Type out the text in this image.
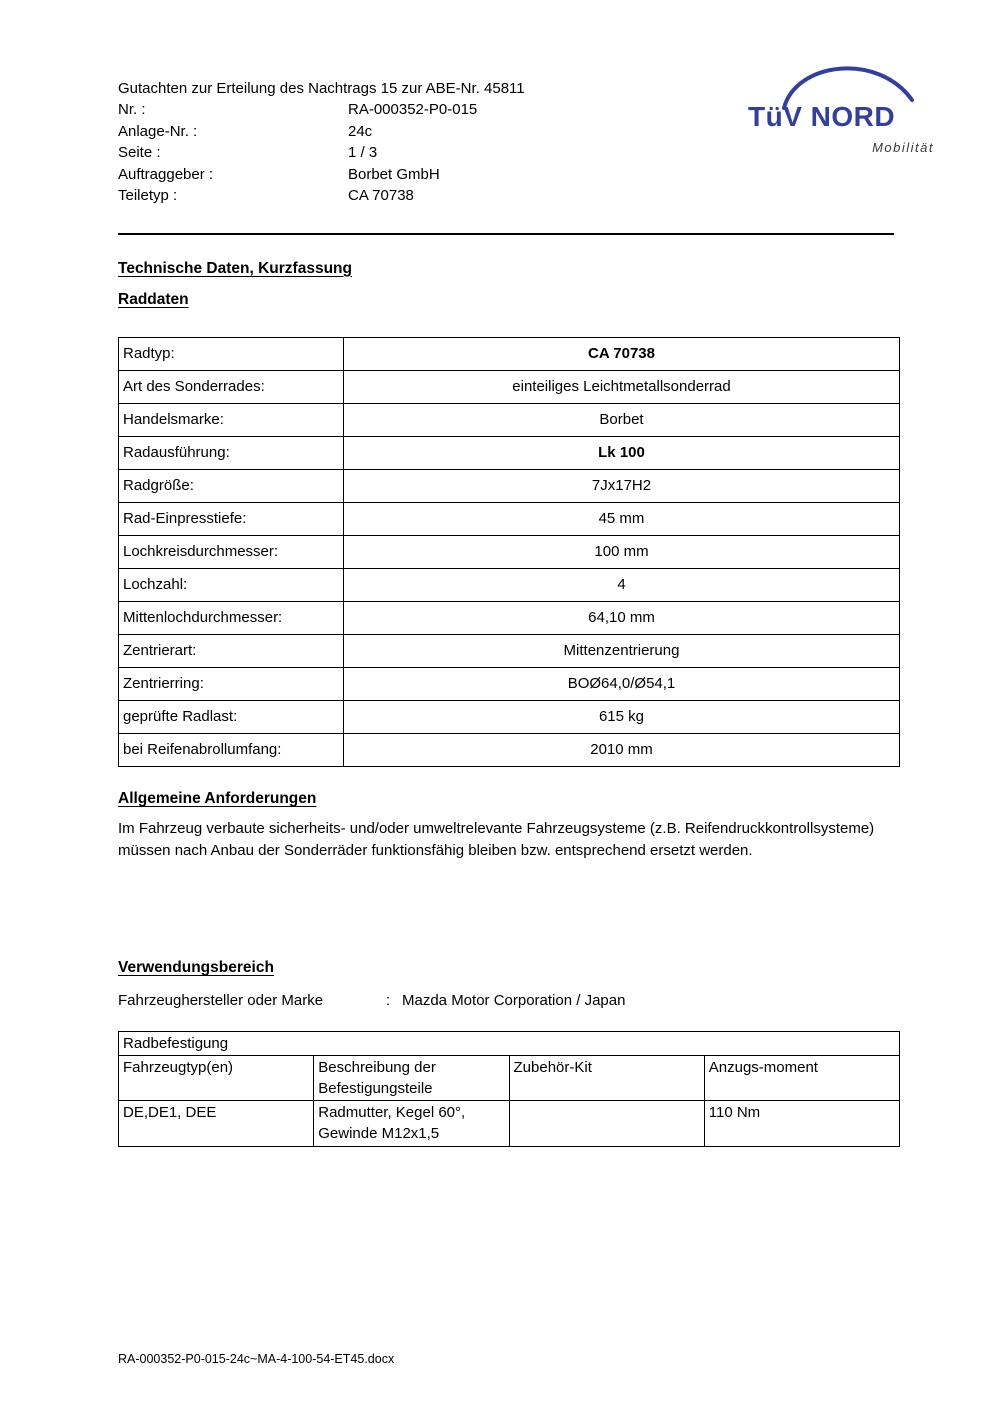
Gutachten zur Erteilung des Nachtrags 15 zur ABE-Nr. 45811
Nr. :	RA-000352-P0-015
Anlage-Nr. :	24c
Seite :	1 / 3
Auftraggeber :	Borbet GmbH
Teiletyp :	CA 70738
TüV NORD
Mobilität
Technische Daten, Kurzfassung
Raddaten
Radtyp:	CA 70738
Art des Sonderrades:	einteiliges Leichtmetallsonderrad
Handelsmarke:	Borbet
Radausführung:	Lk 100
Radgröße:	7Jx17H2
Rad-Einpresstiefe:	45 mm
Lochkreisdurchmesser:	100 mm
Lochzahl:	4
Mittenlochdurchmesser:	64,10 mm
Zentrierart:	Mittenzentrierung
Zentrierring:	BOØ64,0/Ø54,1
geprüfte Radlast:	615 kg
bei Reifenabrollumfang:	2010 mm
Allgemeine Anforderungen

Im Fahrzeug verbaute sicherheits- und/oder umweltrelevante Fahrzeugsysteme (z.B. Reifendruckkontrollsysteme) müssen nach Anbau der Sonderräder funktionsfähig bleiben bzw. entsprechend ersetzt werden.

Verwendungsbereich
Fahrzeughersteller oder Marke	: Mazda Motor Corporation / Japan
Radbefestigung			
Fahrzeugtyp(en)	Beschreibung der Befestigungsteile	Zubehör-Kit	Anzugs-moment
DE,DE1, DEE	Radmutter, Kegel 60°, Gewinde M12x1,5		110 Nm
RA-000352-P0-015-24c~MA-4-100-54-ET45.docx
